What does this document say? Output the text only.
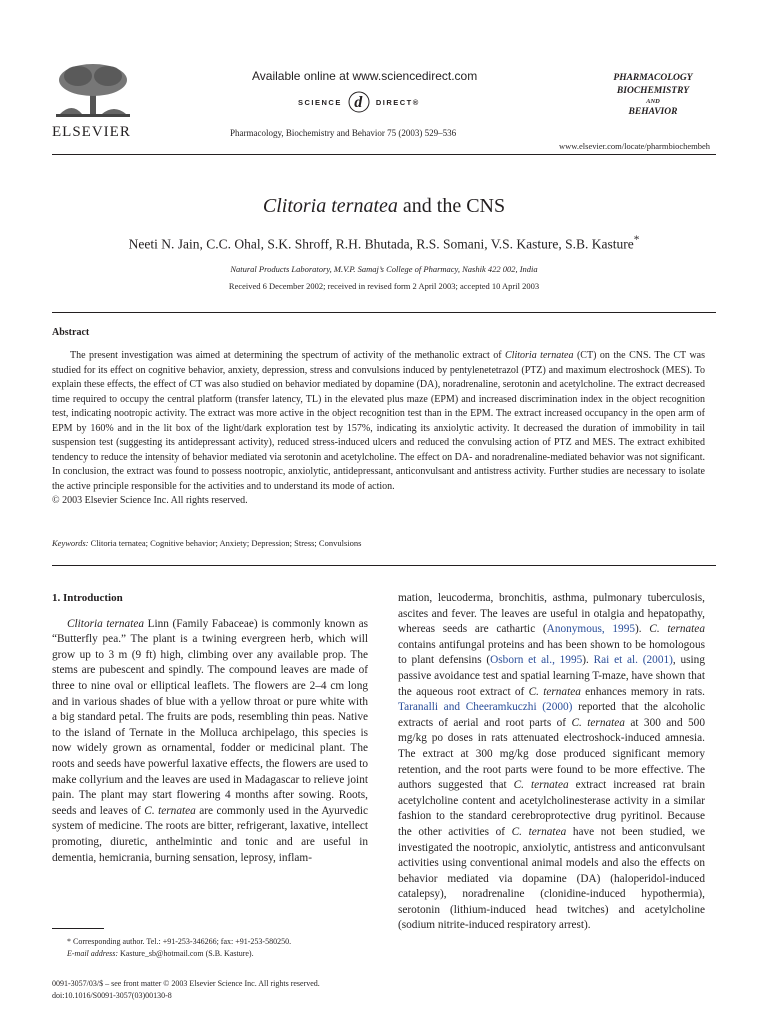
ELSEVIER
Available online at www.sciencedirect.com
SCIENCE d DIRECT®
Pharmacology, Biochemistry and Behavior 75 (2003) 529–536
PHARMACOLOGY
BIOCHEMISTRY
AND
BEHAVIOR
www.elsevier.com/locate/pharmbiochembeh
Clitoria ternatea and the CNS
Neeti N. Jain, C.C. Ohal, S.K. Shroff, R.H. Bhutada, R.S. Somani, V.S. Kasture, S.B. Kasture*
Natural Products Laboratory, M.V.P. Samaj’s College of Pharmacy, Nashik 422 002, India
Received 6 December 2002; received in revised form 2 April 2003; accepted 10 April 2003
Abstract

The present investigation was aimed at determining the spectrum of activity of the methanolic extract of Clitoria ternatea (CT) on the CNS. The CT was studied for its effect on cognitive behavior, anxiety, depression, stress and convulsions induced by pentylenetetrazol (PTZ) and maximum electroshock (MES). To explain these effects, the effect of CT was also studied on behavior mediated by dopamine (DA), noradrenaline, serotonin and acetylcholine. The extract decreased time required to occupy the central platform (transfer latency, TL) in the elevated plus maze (EPM) and increased discrimination index in the object recognition test, indicating nootropic activity. The extract was more active in the object recognition test than in the EPM. The extract increased occupancy in the open arm of EPM by 160% and in the lit box of the light/dark exploration test by 157%, indicating its anxiolytic activity. It decreased the duration of immobility in tail suspension test (suggesting its antidepressant activity), reduced stress-induced ulcers and reduced the convulsing action of PTZ and MES. The extract exhibited tendency to reduce the intensity of behavior mediated via serotonin and acetylcholine. The effect on DA- and noradrenaline-mediated behavior was not significant. In conclusion, the extract was found to possess nootropic, anxiolytic, antidepressant, anticonvulsant and antistress activity. Further studies are necessary to isolate the active principle responsible for the activities and to understand its mode of action.

© 2003 Elsevier Science Inc. All rights reserved.
Keywords: Clitoria ternatea; Cognitive behavior; Anxiety; Depression; Stress; Convulsions
1. Introduction

Clitoria ternatea Linn (Family Fabaceae) is commonly known as “Butterfly pea.” The plant is a twining evergreen herb, which will grow up to 3 m (9 ft) high, climbing over any available prop. The stems are pubescent and spindly. The compound leaves are made of three to nine oval or elliptical leaflets. The flowers are 2–4 cm long and in various shades of blue with a yellow throat or pure white with a big standard petal. The fruits are pods, resembling thin peas. Native to the island of Ternate in the Molluca archipelago, this species is now widely grown as ornamental, fodder or medicinal plant. The roots and seeds have powerful laxative effects, the flowers are used to make collyrium and the leaves are used in Madagascar to relieve joint pain. The plant may start flowering 4 months after sowing. Roots, seeds and leaves of C. ternatea are commonly used in the Ayurvedic system of medicine. The roots are bitter, refrigerant, laxative, intellect promoting, diuretic, anthelmintic and tonic and are useful in dementia, hemicrania, burning sensation, leprosy, inflam-

mation, leucoderma, bronchitis, asthma, pulmonary tuberculosis, ascites and fever. The leaves are useful in otalgia and hepatopathy, whereas seeds are cathartic (Anonymous, 1995). C. ternatea contains antifungal proteins and has been shown to be homologous to plant defensins (Osborn et al., 1995). Rai et al. (2001), using passive avoidance test and spatial learning T-maze, have shown that the aqueous root extract of C. ternatea enhances memory in rats. Taranalli and Cheeramkuczhi (2000) reported that the alcoholic extracts of aerial and root parts of C. ternatea at 300 and 500 mg/kg po doses in rats attenuated electroshock-induced amnesia. The extract at 300 mg/kg dose produced significant memory retention, and the root parts were found to be more effective. The authors suggested that C. ternatea extract increased rat brain acetylcholine content and acetylcholinesterase activity in a similar fashion to the standard cerebroprotective drug pyritinol. Because the other activities of C. ternatea have not been studied, we investigated the nootropic, anxiolytic, antistress and anticonvulsant activities using conventional animal models and also the effects on behavior mediated via dopamine (DA) (haloperidol-induced catalepsy), noradrenaline (clonidine-induced hypothermia), serotonin (lithium-induced head twitches) and acetylcholine (sodium nitrite-induced respiratory arrest).

* Corresponding author. Tel.: +91-253-346266; fax: +91-253-580250.
E-mail address: Kasture_sb@hotmail.com (S.B. Kasture).
0091-3057/03/$ – see front matter © 2003 Elsevier Science Inc. All rights reserved.
doi:10.1016/S0091-3057(03)00130-8
